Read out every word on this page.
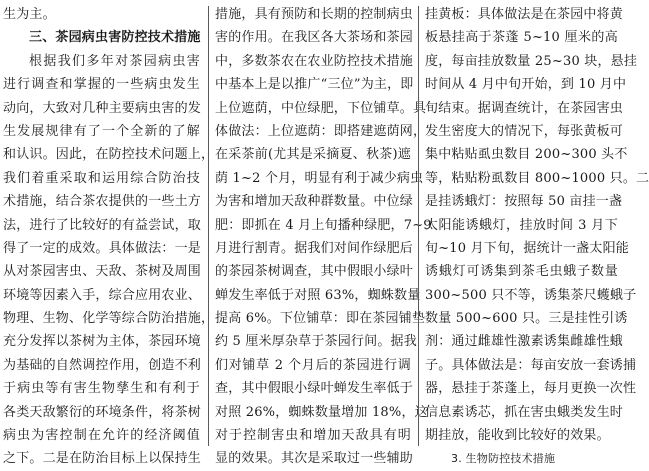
生为主。
三、茶园病虫害防控技术措施
根据我们多年对茶园病虫害
进行调查和掌握的一些病虫发生
动向，大致对几种主要病虫害的发
生发展规律有了一个全新的了解
和认识。因此，在防控技术问题上，
我们着重采取和运用综合防治技
术措施，结合茶农提供的一些土方
法，进行了比较好的有益尝试，取
得了一定的成效。具体做法：一是
从对茶园害虫、天敌、茶树及周围
环境等因素入手，综合应用农业、
物理、生物、化学等综合防治措施，
充分发挥以茶树为主体，茶园环境
为基础的自然调控作用，创造不利
于病虫等有害生物孳生和有利于
各类天敌繁衍的环境条件，将茶树
病虫为害控制在允许的经济阈值
之下。二是在防治目标上以保持生
措施，具有预防和长期的控制病虫
害的作用。在我区各大茶场和茶园
中，多数茶农在农业防控技术措施
中基本上是以推广“三位”为主，即
上位遮荫，中位绿肥，下位铺草。具
体做法：上位遮荫：即搭建遮荫网，
在采茶前(尤其是采摘夏、秋茶)遮
荫 1~2 个月，明显有利于减少病虫
为害和增加天敌种群数量。中位绿
肥：即抓在 4 月上旬播种绿肥，7~9
月进行割青。据我们对间作绿肥后
的茶园茶树调查，其中假眼小绿叶
蝉发生率低于对照 63%，蜘蛛数量
提高 6%。下位铺草：即在茶园铺垫
约 5 厘米厚杂草于茶园行间。据我
们对铺草 2 个月后的茶园进行调
查，其中假眼小绿叶蝉发生率低于
对照 26%，蜘蛛数量增加 18%，这
对于控制害虫和增加天敌具有明
显的效果。其次是采取过一些辅助
挂黄板：具体做法是在茶园中将黄
板悬挂高于茶蓬 5~10 厘米的高
度，每亩挂放数量 25~30 块，悬挂
时间从 4 月中旬开始，到 10 月中
旬结束。据调查统计，在茶园害虫
发生密度大的情况下，每张黄板可
集中粘贴虱虫数目 200~300 头不
等，粘贴粉虱数目 800~1000 只。二
是挂诱蛾灯：按照每 50 亩挂一盏
太阳能诱蛾灯，挂放时间 3 月下
旬~10 月下旬，据统计一盏太阳能
诱蛾灯可诱集到茶毛虫蛾子数量
300~500 只不等，诱集茶尺蠖蛾子
数量 500~600 只。三是挂性引诱
剂：通过雌雄性激素诱集雌雄性蛾
子。具体做法是：每亩安放一套诱捕
器，悬挂于茶蓬上，每月更换一次性
信息素诱芯，抓在害虫蛾类发生时
期挂放，能收到比较好的效果。
3. 生物防控技术措施
